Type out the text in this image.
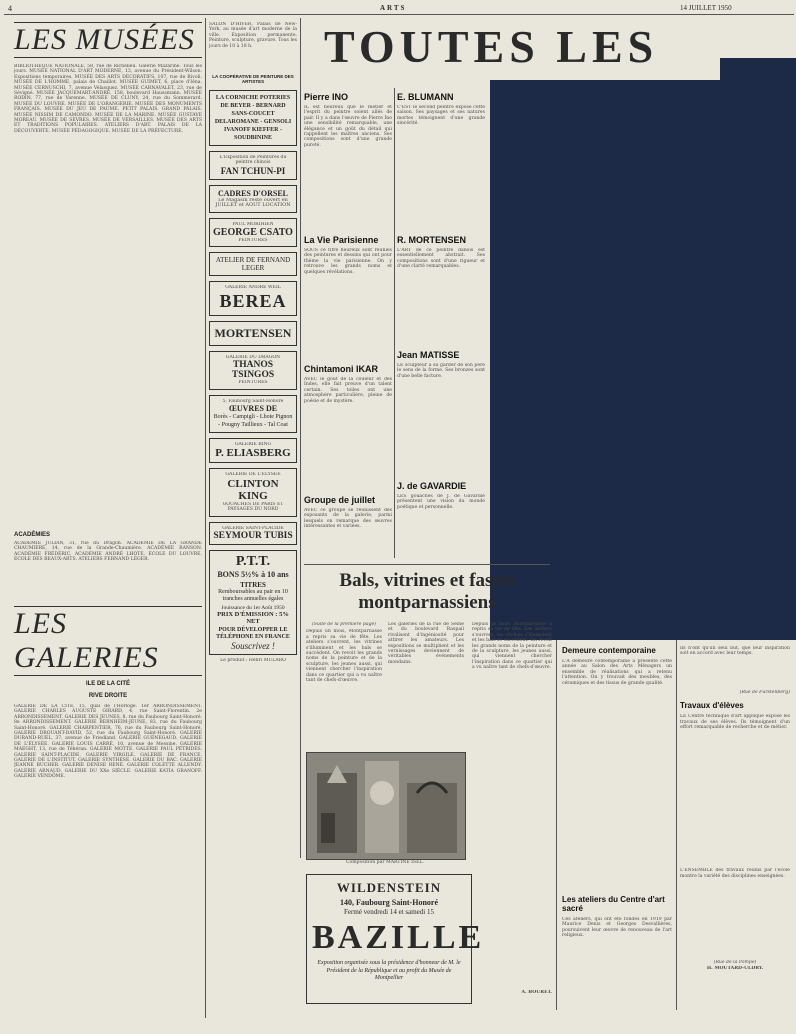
4	ARTS	14 JUILLET 1950
LES MUSÉES
BIBLIOTHÈQUE NATIONALE, 58, rue de Richelieu. Galerie Mazarine. Tous les jours. MUSÉE NATIONAL D'ART MODERNE, 13, avenue du Président-Wilson. Expositions temporaires. MUSÉE DES ARTS DÉCORATIFS, 107, rue de Rivoli. MUSÉE DE L'HOMME, palais de Chaillot. MUSÉE GUIMET, 6, place d'Iéna. MUSÉE CERNUSCHI, 7, avenue Vélasquez. MUSÉE CARNAVALET, 23, rue de Sévigné. MUSÉE JACQUEMART-ANDRÉ, 158, boulevard Haussmann. MUSÉE RODIN, 77, rue de Varenne. MUSÉE DE CLUNY, 24, rue du Sommerard. MUSÉE DU LOUVRE. MUSÉE DE L'ORANGERIE. MUSÉE DES MONUMENTS FRANÇAIS. MUSÉE DU JEU DE PAUME. PETIT PALAIS. GRAND PALAIS. MUSÉE NISSIM DE CAMONDO. MUSÉE DE LA MARINE. MUSÉE GUSTAVE MOREAU. MUSÉE DE SÈVRES. MUSÉE DE VERSAILLES. MUSÉE DES ARTS ET TRADITIONS POPULAIRES. ATELIERS D'ART. PALAIS DE LA DÉCOUVERTE. MUSÉE PÉDAGOGIQUE. MUSÉE DE LA PRÉFECTURE.
ACADÉMIES
ACADÉMIE JULIAN, 31, rue du Dragon. ACADÉMIE DE LA GRANDE CHAUMIÈRE, 14, rue de la Grande-Chaumière. ACADÉMIE RANSON. ACADÉMIE FRÉDÉRIC, ACADÉMIE ANDRÉ LHOTE. ÉCOLE DU LOUVRE. ÉCOLE DES BEAUX-ARTS. ATELIERS FERNAND LÉGER.
LES GALERIES
ILE DE LA CITÉ
RIVE DROITE
GALERIE DE LA CITÉ, 15, quai de l'Horloge. 1er ARRONDISSEMENT. GALERIE CHARLES AUGUSTE GIRARD, 4, rue Saint-Florentin. 2e ARRONDISSEMENT. GALERIE DES JEUNES, 8, rue du Faubourg Saint-Honoré. 8e ARRONDISSEMENT. GALERIE BERNHEIM-JEUNE, 83, rue du Faubourg Saint-Honoré. GALERIE CHARPENTIER, 76, rue du Faubourg Saint-Honoré. GALERIE DROUANT-DAVID, 52, rue du Faubourg Saint-Honoré. GALERIE DURAND-RUEL, 37, avenue de Friedland. GALERIE GUÉNEGAUD. GALERIE DE L'ÉLYSÉE. GALERIE LOUIS CARRÉ, 10, avenue de Messine. GALERIE MAEGHT, 13, rue de Téhéran. GALERIE MOTTE. GALERIE PAUL PÉTRIDÈS. GALERIE SAINT-PLACIDE. GALERIE VIRGILE. GALERIE DE FRANCE. GALERIE DE L'INSTITUT. GALERIE SYNTHÈSE. GALERIE DU BAC. GALERIE JEANNE BUCHER. GALERIE DENISE RENÉ. GALERIE COLETTE ALLENDY. GALERIE ARNAUD. GALERIE DU XXe SIÈCLE. GALERIE KATIA GRANOFF. GALERIE VENDÔME.
SALON D'HIVER, Palais de New-York, au musée d'art moderne de la ville. Exposition permanente. Peinture, sculpture, gravure. Tous les jours de 10 à 18 h.
LA COOPÉRATIVE DE PEINTURE DES ARTISTES
LA CORNICHE POTERIES DE BEYER - BERNARD SANS-COUCET DELAROMANE - GENSOLI IVANOFF KIEFFER - SOUDBININE
L'Exposition de Peintures du peintre chinois
FAN TCHUN-PI
CADRES D'ORSEL
Le Magasin reste ouvert en JUILLET et AOUT LOCATION
PAUL MORIHIEN
GEORGE CSATO
PEINTURES
ATELIER DE FERNAND LEGER
GALERIE ANDRE WEIL
BEREA
MORTENSEN
GALERIE DU DRAGON
THANOS TSINGOS
PEINTURES
5, Faubourg Saint-Honoré
ŒUVRES DE
Borès - Campigli - Lhote Pignon - Pougny Taillieux - Tal Coat
GALERIE BING
P. ELIASBERG
GALERIE DE L'ELYSEE
CLINTON KING
GOUACHES DE PARIS ET PAYSAGES DU NORD
GALERIE SAINT-PLACIDE
SEYMOUR TUBIS
P.T.T.
BONS 5½% à 10 ans
TITRES
Remboursables au pair en 10 tranches annuelles égales
Jouissance du 1er Août 1950
PRIX D'ÉMISSION : 5% NET
POUR DÉVELOPPER LE TÉLÉPHONE EN FRANCE
Souscrivez !
Le produit : Henri MULARO
TOUTES LES
Pierre INO
IL est heureux que le métier et l'esprit du peintre soient allés de pair. Il y a dans l'œuvre de Pierre Ino une sensibilité remarquable, une élégance et un goût du détail qui rappellent les maîtres anciens. Ses compositions sont d'une grande pureté.
La Vie Parisienne
SOUS ce titre heureux sont réunies des peintures et dessins qui ont pour thème la vie parisienne. On y retrouve les grands noms et quelques révélations.
Chintamoni IKAR
AVEC le goût de la couleur et des Indes, elle fait preuve d'un talent certain. Ses toiles ont une atmosphère particulière, pleine de poésie et de mystère.
Groupe de juillet
AVEC ce groupe se réunissent des exposants de la galerie, parmi lesquels on remarque des œuvres intéressantes et variées.
E. BLUMANN
C'EST le second peintre exposé cette saison. Ses paysages et ses natures mortes témoignent d'une grande sincérité.
R. MORTENSEN
L'ART de ce peintre danois est essentiellement abstrait. Ses compositions sont d'une rigueur et d'une clarté remarquables.
Jean MATISSE
LE sculpteur a su garder de son père le sens de la forme. Ses bronzes sont d'une belle facture.
J. de GAVARDIE
LES gouaches de J. de Gavardie présentent une vision du monde poétique et personnelle.
Bals, vitrines et fastes
montparnassiens
(Suite de la première page)
Depuis un mois, Montparnasse a repris sa vie de fête. Les ateliers s'ouvrent, les vitrines s'illuminent et les bals se succèdent. On revoit les grands noms de la peinture et de la sculpture, les jeunes aussi, qui viennent chercher l'inspiration dans ce quartier qui a vu naître tant de chefs-d'œuvre.
Les galeries de la rue de Seine et du boulevard Raspail rivalisent d'ingéniosité pour attirer les amateurs. Les expositions se multiplient et les vernissages deviennent de véritables événements mondains.
Depuis un mois, Montparnasse a repris sa vie de fête. Les ateliers s'ouvrent, les vitrines s'illuminent et les bals se succèdent. On revoit les grands noms de la peinture et de la sculpture, les jeunes aussi, qui viennent chercher l'inspiration dans ce quartier qui a vu naître tant de chefs-d'œuvre.
A. BOURET.
Composition par MARTINE ISEL.
WILDENSTEIN
140, Faubourg Saint-Honoré
Fermé vendredi 14 et samedi 15
BAZILLE
Exposition organisée sous la présidence d'honneur de M. le Président de la République et au profit du Musée de Montpellier
Demeure contemporaine
L'A demeure contemporaine a présenté cette année au Salon des Arts Ménagers un ensemble de réalisations qui a retenu l'attention. On y trouvait des meubles, des céramiques et des tissus de grande qualité.
Les ateliers du Centre d'art sacré
Ces ateliers, qui ont été fondés en 1919 par Maurice Denis et Georges Desvallières, poursuivent leur œuvre de renouveau de l'art religieux.
Ils n'ont qu'un seul but, que leur inspiration soit en accord avec leur temps.
(Rue de Furstenberg)
Travaux d'élèves
LE Centre technique d'art appliqué expose les travaux de ses élèves. Ils témoignent d'un effort remarquable de recherche et de métier.
L'ENSEMBLE des travaux réunis par l'école montre la variété des disciplines enseignées.
(Rue de la Pompe)
H. MOUTARD-ULDRY.
